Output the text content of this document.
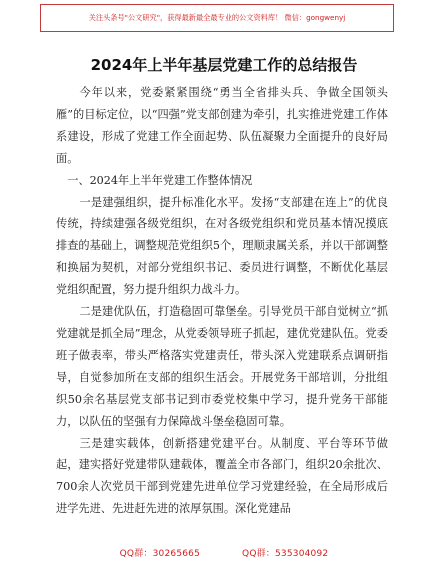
关注头条号"公文研究"，获得最新最全最专业的公文资料库！ 微信：gongwenyj
2024年上半年基层党建工作的总结报告

今年以来，党委紧紧围绕“勇当全省排头兵、争做全国领头雁”的目标定位，以“四强”党支部创建为牵引，扎实推进党建工作体系建设，形成了党建工作全面起势、队伍凝聚力全面提升的良好局面。

一、2024年上半年党建工作整体情况

一是建强组织，提升标准化水平。发扬“支部建在连上”的优良传统，持续建强各级党组织，在对各级党组织和党员基本情况摸底排查的基础上，调整规范党组织5个，理顺隶属关系，并以干部调整和换届为契机，对部分党组织书记、委员进行调整，不断优化基层党组织配置，努力提升组织力战斗力。

二是建优队伍，打造稳固可靠堡垒。引导党员干部自觉树立“抓党建就是抓全局”理念，从党委领导班子抓起，建优党建队伍。党委班子做表率，带头严格落实党建责任，带头深入党建联系点调研指导，自觉参加所在支部的组织生活会。开展党务干部培训，分批组织50余名基层党支部书记到市委党校集中学习，提升党务干部能力，以队伍的坚强有力保障战斗堡垒稳固可靠。

三是建实载体，创新搭建党建平台。从制度、平台等环节做起，建实搭好党建带队建载体，覆盖全市各部门，组织20余批次、700余人次党员干部到党建先进单位学习党建经验，在全局形成后进学先进、先进赶先进的浓厚氛围。深化党建品

QQ群：30265665	QQ群：535304092
